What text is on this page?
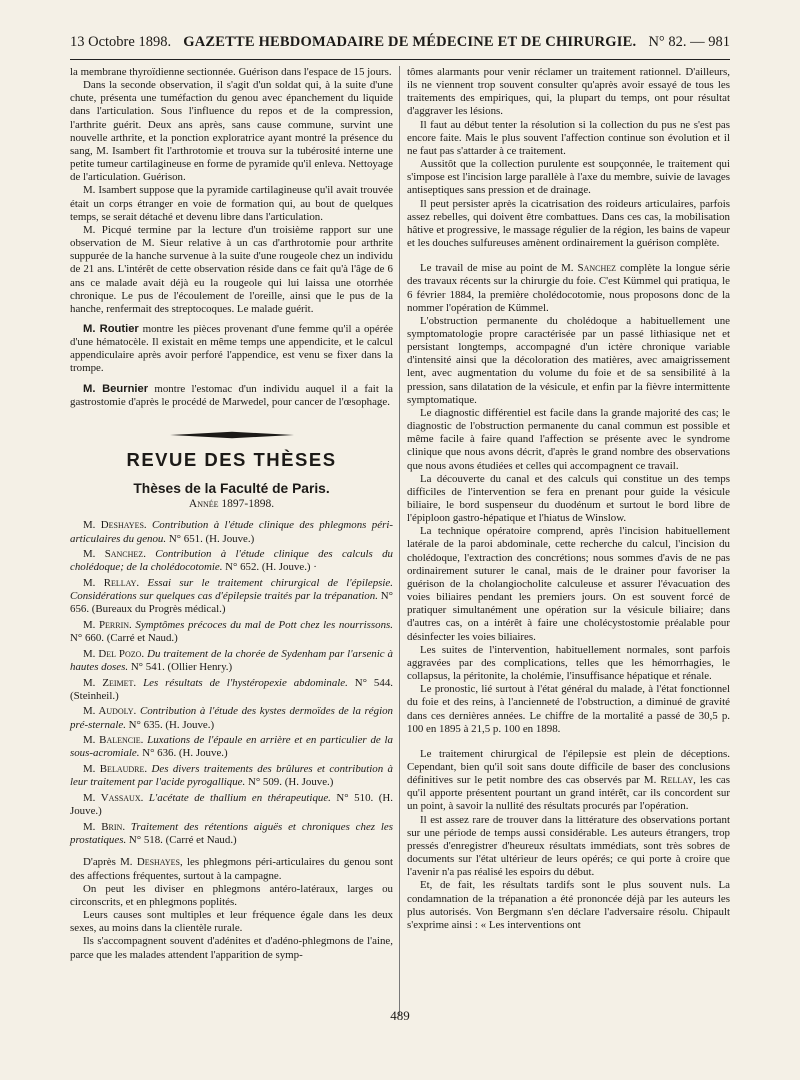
13 Octobre 1898. GAZETTE HEBDOMADAIRE DE MÉDECINE ET DE CHIRURGIE. N° 82. — 981

la membrane thyroïdienne sectionnée. Guérison dans l'espace de 15 jours.

Dans la seconde observation, il s'agit d'un soldat qui, à la suite d'une chute, présenta une tuméfaction du genou avec épanchement du liquide dans l'articulation. Sous l'influence du repos et de la compression, l'arthrite guérit. Deux ans après, sans cause commune, survint une nouvelle arthrite, et la ponction exploratrice ayant montré la présence du sang, M. Isambert fit l'arthrotomie et trouva sur la tubérosité interne une petite tumeur cartilagineuse en forme de pyramide qu'il enleva. Nettoyage de l'articulation. Guérison.

M. Isambert suppose que la pyramide cartilagineuse qu'il avait trouvée était un corps étranger en voie de formation qui, au bout de quelques temps, se serait détaché et devenu libre dans l'articulation.

M. Picqué termine par la lecture d'un troisième rapport sur une observation de M. Sieur relative à un cas d'arthrotomie pour arthrite suppurée de la hanche survenue à la suite d'une rougeole chez un individu de 21 ans. L'intérêt de cette observation réside dans ce fait qu'à l'âge de 6 ans ce malade avait déjà eu la rougeole qui lui laissa une otorrhée chronique. Le pus de l'écoulement de l'oreille, ainsi que le pus de la hanche, renfermait des streptocoques. Le malade guérit.

M. Routier montre les pièces provenant d'une femme qu'il a opérée d'une hématocèle. Il existait en même temps une appendicite, et le calcul appendiculaire après avoir perforé l'appendice, est venu se fixer dans la trompe.

M. Beurnier montre l'estomac d'un individu auquel il a fait la gastrostomie d'après le procédé de Marwedel, pour cancer de l'œsophage.

REVUE DES THÈSES
Thèses de la Faculté de Paris.
Année 1897-1898.

M. Deshayes. Contribution à l'étude clinique des phlegmons péri-articulaires du genou. N° 651. (H. Jouve.)

M. Sanchez. Contribution à l'étude clinique des calculs du cholédoque; de la cholédocotomie. N° 652. (H. Jouve.) ·

M. Rellay. Essai sur le traitement chirurgical de l'épilepsie. Considérations sur quelques cas d'épilepsie traités par la trépanation. N° 656. (Bureaux du Progrès médical.)

M. Perrin. Symptômes précoces du mal de Pott chez les nourrissons. N° 660. (Carré et Naud.)

M. Del Pozo. Du traitement de la chorée de Sydenham par l'arsenic à hautes doses. N° 541. (Ollier Henry.)

M. Zeimet. Les résultats de l'hystéropexie abdominale. N° 544. (Steinheil.)

M. Audoly. Contribution à l'étude des kystes dermoïdes de la région pré-sternale. N° 635. (H. Jouve.)

M. Balencie. Luxations de l'épaule en arrière et en particulier de la sous-acromiale. N° 636. (H. Jouve.)

M. Belaudre. Des divers traitements des brûlures et contribution à leur traitement par l'acide pyrogallique. N° 509. (H. Jouve.)

M. Vassaux. L'acétate de thallium en thérapeutique. N° 510. (H. Jouve.)

M. Brin. Traitement des rétentions aiguës et chroniques chez les prostatiques. N° 518. (Carré et Naud.)

D'après M. Deshayes, les phlegmons péri-articulaires du genou sont des affections fréquentes, surtout à la campagne.

On peut les diviser en phlegmons antéro-latéraux, larges ou circonscrits, et en phlegmons poplités.

Leurs causes sont multiples et leur fréquence égale dans les deux sexes, au moins dans la clientèle rurale.

Ils s'accompagnent souvent d'adénites et d'adéno-phlegmons de l'aine, parce que les malades attendent l'apparition de symp-

tômes alarmants pour venir réclamer un traitement rationnel. D'ailleurs, ils ne viennent trop souvent consulter qu'après avoir essayé de tous les traitements des empiriques, qui, la plupart du temps, ont pour résultat d'aggraver les lésions.

Il faut au début tenter la résolution si la collection du pus ne s'est pas encore faite. Mais le plus souvent l'affection continue son évolution et il ne faut pas s'attarder à ce traitement.

Aussitôt que la collection purulente est soupçonnée, le traitement qui s'impose est l'incision large parallèle à l'axe du membre, suivie de lavages antiseptiques sans pression et de drainage.

Il peut persister après la cicatrisation des roideurs articulaires, parfois assez rebelles, qui doivent être combattues. Dans ces cas, la mobilisation hâtive et progressive, le massage régulier de la région, les bains de vapeur et les douches sulfureuses amènent ordinairement la guérison complète.

Le travail de mise au point de M. Sanchez complète la longue série des travaux récents sur la chirurgie du foie. C'est Kümmel qui pratiqua, le 6 février 1884, la première cholédocotomie, nous proposons donc de la nommer l'opération de Kümmel.

L'obstruction permanente du cholédoque a habituellement une symptomatologie propre caractérisée par un passé lithiasique net et persistant longtemps, accompagné d'un ictère chronique variable d'intensité ainsi que la décoloration des matières, avec amaigrissement lent, avec augmentation du volume du foie et de sa sensibilité à la pression, sans dilatation de la vésicule, et enfin par la fièvre intermittente symptomatique.

Le diagnostic différentiel est facile dans la grande majorité des cas; le diagnostic de l'obstruction permanente du canal commun est possible et même facile à faire quand l'affection se présente avec le syndrome clinique que nous avons décrit, d'après le grand nombre des observations que nous avons étudiées et celles qui accompagnent ce travail.

La découverte du canal et des calculs qui constitue un des temps difficiles de l'intervention se fera en prenant pour guide la vésicule biliaire, le bord suspenseur du duodénum et surtout le bord libre de l'épiploon gastro-hépatique et l'hiatus de Winslow.

La technique opératoire comprend, après l'incision habituellement latérale de la paroi abdominale, cette recherche du calcul, l'incision du cholédoque, l'extraction des concrétions; nous sommes d'avis de ne pas ordinairement suturer le canal, mais de le drainer pour favoriser la guérison de la cholangiocholite calculeuse et assurer l'évacuation des voies biliaires pendant les premiers jours. On est souvent forcé de pratiquer simultanément une opération sur la vésicule biliaire; dans d'autres cas, on a intérêt à faire une cholécystostomie préalable pour désinfecter les voies biliaires.

Les suites de l'intervention, habituellement normales, sont parfois aggravées par des complications, telles que les hémorrhagies, le collapsus, la péritonite, la cholémie, l'insuffisance hépatique et rénale.

Le pronostic, lié surtout à l'état général du malade, à l'état fonctionnel du foie et des reins, à l'ancienneté de l'obstruction, a diminué de gravité dans ces dernières années. Le chiffre de la mortalité a passé de 30,5 p. 100 en 1895 à 21,5 p. 100 en 1898.

Le traitement chirurgical de l'épilepsie est plein de déceptions. Cependant, bien qu'il soit sans doute difficile de baser des conclusions définitives sur le petit nombre des cas observés par M. Rellay, les cas qu'il apporte présentent pourtant un grand intérêt, car ils concordent sur un point, à savoir la nullité des résultats procurés par l'opération.

Il est assez rare de trouver dans la littérature des observations portant sur une période de temps aussi considérable. Les auteurs étrangers, trop pressés d'enregistrer d'heureux résultats immédiats, sont très sobres de documents sur l'état ultérieur de leurs opérés; ce qui porte à croire que l'avenir n'a pas réalisé les espoirs du début.

Et, de fait, les résultats tardifs sont le plus souvent nuls. La condamnation de la trépanation a été prononcée déjà par les auteurs les plus autorisés. Von Bergmann s'en déclare l'adversaire résolu. Chipault s'exprime ainsi : « Les interventions ont

489
